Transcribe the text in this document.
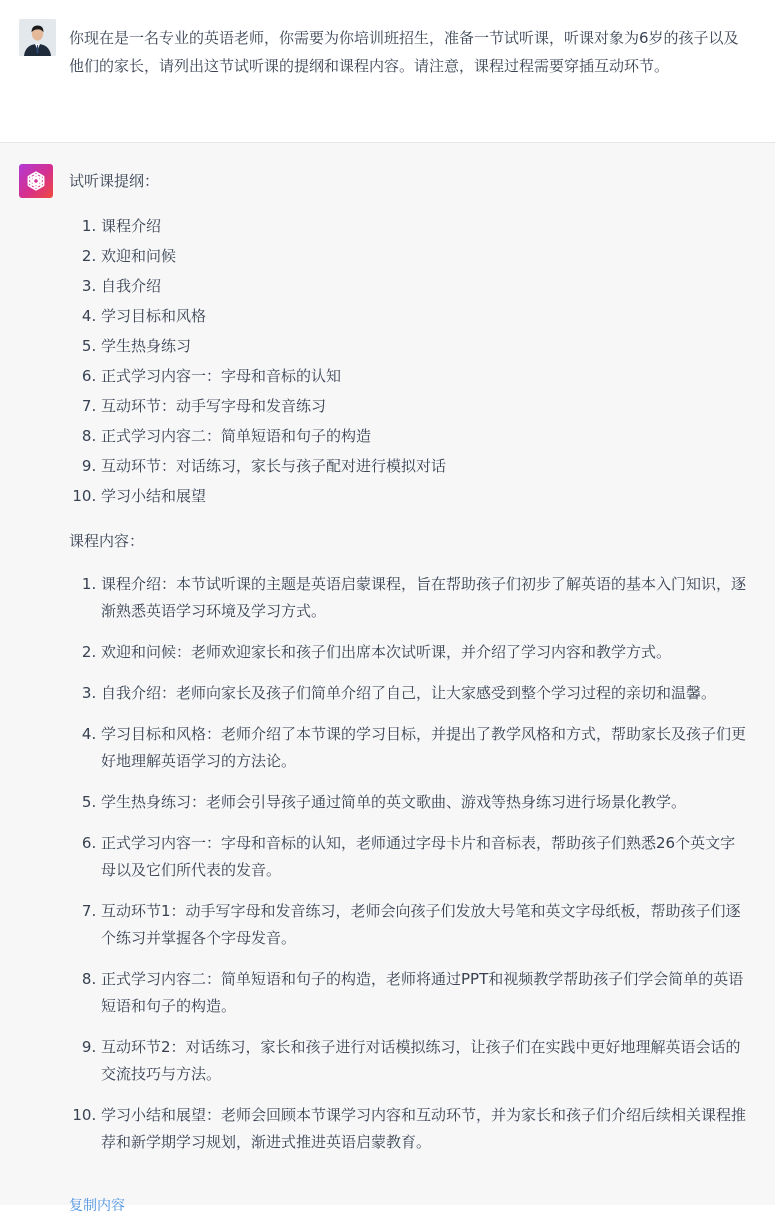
你现在是一名专业的英语老师，你需要为你培训班招生，准备一节试听课，听课对象为6岁的孩子以及他们的家长，请列出这节试听课的提纲和课程内容。请注意，课程过程需要穿插互动环节。

试听课提纲：

1. 课程介绍
2. 欢迎和问候
3. 自我介绍
4. 学习目标和风格
5. 学生热身练习
6. 正式学习内容一：字母和音标的认知
7. 互动环节：动手写字母和发音练习
8. 正式学习内容二：简单短语和句子的构造
9. 互动环节：对话练习，家长与孩子配对进行模拟对话
10. 学习小结和展望

课程内容：

1. 课程介绍：本节试听课的主题是英语启蒙课程，旨在帮助孩子们初步了解英语的基本入门知识，逐渐熟悉英语学习环境及学习方式。
2. 欢迎和问候：老师欢迎家长和孩子们出席本次试听课，并介绍了学习内容和教学方式。
3. 自我介绍：老师向家长及孩子们简单介绍了自己，让大家感受到整个学习过程的亲切和温馨。
4. 学习目标和风格：老师介绍了本节课的学习目标，并提出了教学风格和方式，帮助家长及孩子们更好地理解英语学习的方法论。
5. 学生热身练习：老师会引导孩子通过简单的英文歌曲、游戏等热身练习进行场景化教学。
6. 正式学习内容一：字母和音标的认知，老师通过字母卡片和音标表，帮助孩子们熟悉26个英文字母以及它们所代表的发音。
7. 互动环节1：动手写字母和发音练习，老师会向孩子们发放大号笔和英文字母纸板，帮助孩子们逐个练习并掌握各个字母发音。
8. 正式学习内容二：简单短语和句子的构造，老师将通过PPT和视频教学帮助孩子们学会简单的英语短语和句子的构造。
9. 互动环节2：对话练习，家长和孩子进行对话模拟练习，让孩子们在实践中更好地理解英语会话的交流技巧与方法。
10. 学习小结和展望：老师会回顾本节课学习内容和互动环节，并为家长和孩子们介绍后续相关课程推荐和新学期学习规划，渐进式推进英语启蒙教育。
复制内容
